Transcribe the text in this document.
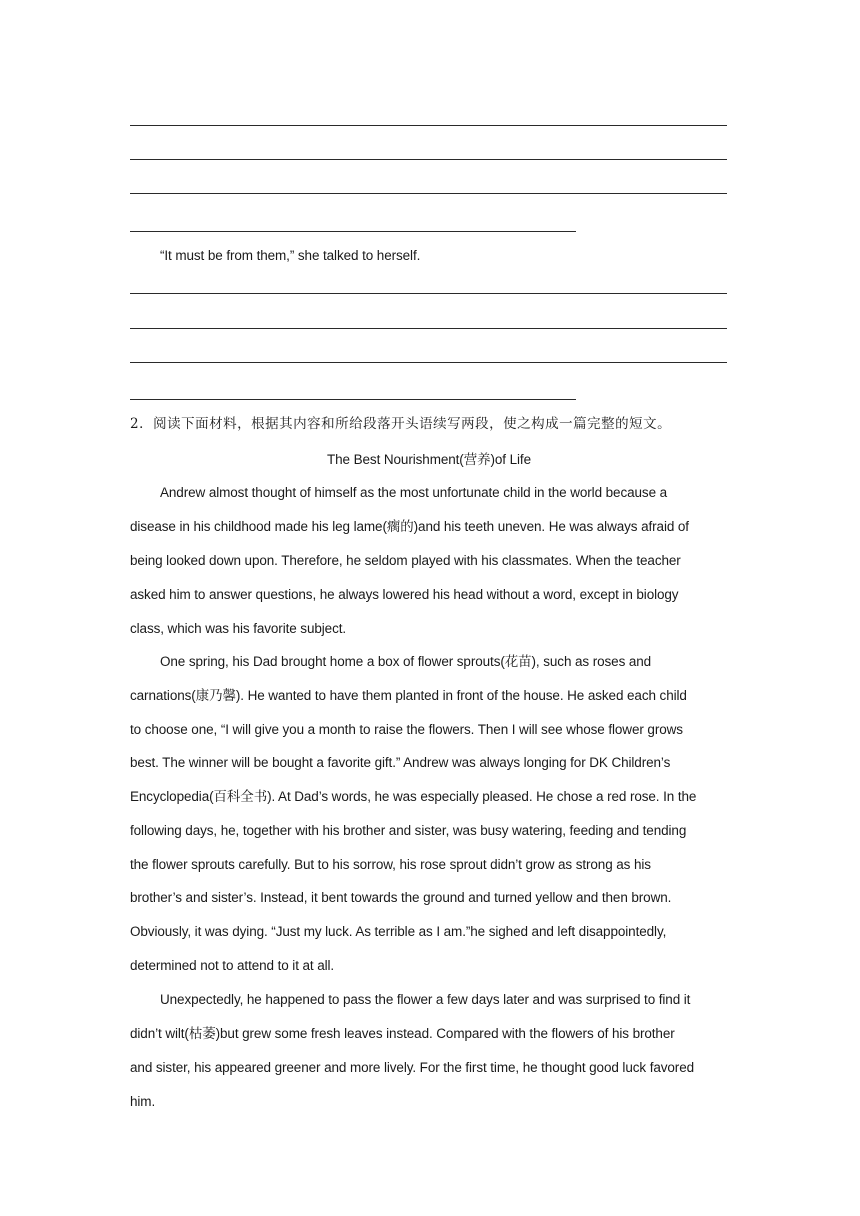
“It must be from them,” she talked to herself.
2．阅读下面材料，根据其内容和所给段落开头语续写两段，使之构成一篇完整的短文。
The Best Nourishment(营养)of Life
Andrew almost thought of himself as the most unfortunate child in the world because a
disease in his childhood made his leg lame(瘸的)and his teeth uneven. He was always afraid of
being looked down upon. Therefore, he seldom played with his classmates. When the teacher
asked him to answer questions, he always lowered his head without a word, except in biology
class, which was his favorite subject.
One spring, his Dad brought home a box of flower sprouts(花苗), such as roses and
carnations(康乃馨). He wanted to have them planted in front of the house. He asked each child
to choose one, “I will give you a month to raise the flowers. Then I will see whose flower grows
best. The winner will be bought a favorite gift.” Andrew was always longing for DK Children’s
Encyclopedia(百科全书). At Dad’s words, he was especially pleased. He chose a red rose. In the
following days, he, together with his brother and sister, was busy watering, feeding and tending
the flower sprouts carefully. But to his sorrow, his rose sprout didn’t grow as strong as his
brother’s and sister’s. Instead, it bent towards the ground and turned yellow and then brown.
Obviously, it was dying. “Just my luck. As terrible as I am.”he sighed and left disappointedly,
determined not to attend to it at all.
Unexpectedly, he happened to pass the flower a few days later and was surprised to find it
didn’t wilt(枯萎)but grew some fresh leaves instead. Compared with the flowers of his brother
and sister, his appeared greener and more lively. For the first time, he thought good luck favored
him.
